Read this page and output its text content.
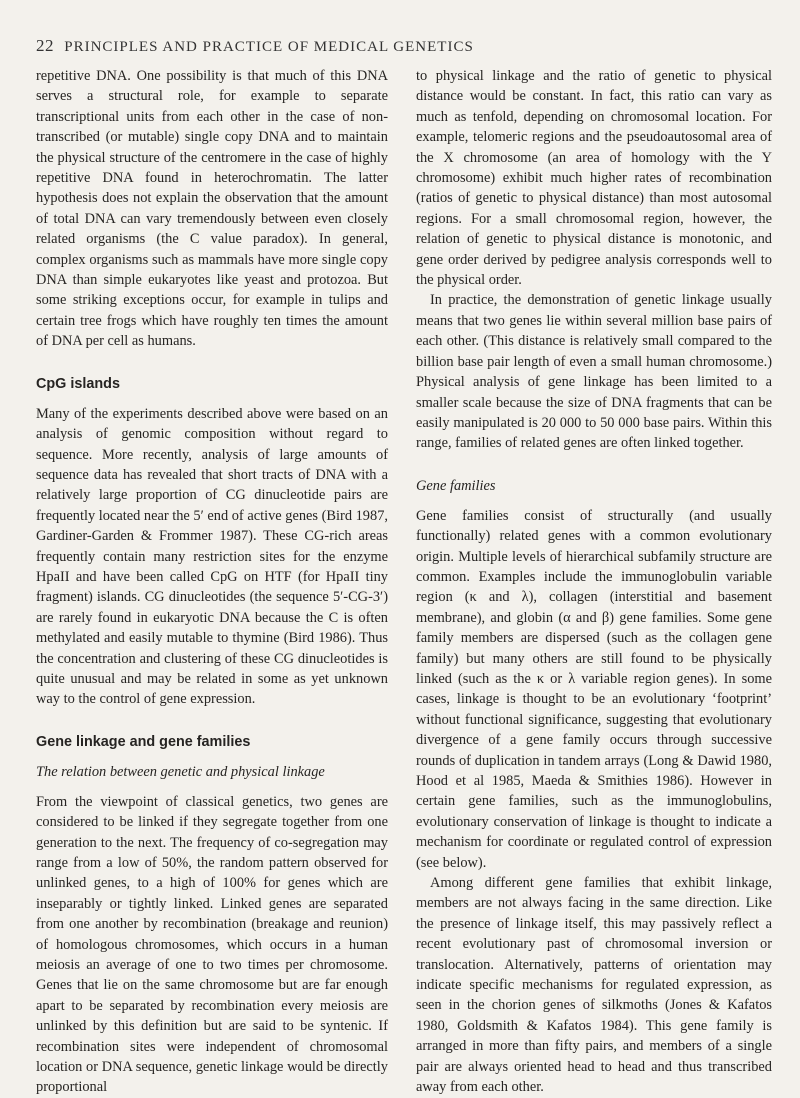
22 PRINCIPLES AND PRACTICE OF MEDICAL GENETICS

repetitive DNA. One possibility is that much of this DNA serves a structural role, for example to separate transcriptional units from each other in the case of non-transcribed (or mutable) single copy DNA and to maintain the physical structure of the centromere in the case of highly repetitive DNA found in heterochromatin. The latter hypothesis does not explain the observation that the amount of total DNA can vary tremendously between even closely related organisms (the C value paradox). In general, complex organisms such as mammals have more single copy DNA than simple eukaryotes like yeast and protozoa. But some striking exceptions occur, for example in tulips and certain tree frogs which have roughly ten times the amount of DNA per cell as humans.

CpG islands

Many of the experiments described above were based on an analysis of genomic composition without regard to sequence. More recently, analysis of large amounts of sequence data has revealed that short tracts of DNA with a relatively large proportion of CG dinucleotide pairs are frequently located near the 5′ end of active genes (Bird 1987, Gardiner-Garden & Frommer 1987). These CG-rich areas frequently contain many restriction sites for the enzyme HpaII and have been called CpG on HTF (for HpaII tiny fragment) islands. CG dinucleotides (the sequence 5′-CG-3′) are rarely found in eukaryotic DNA because the C is often methylated and easily mutable to thymine (Bird 1986). Thus the concentration and clustering of these CG dinucleotides is quite unusual and may be related in some as yet unknown way to the control of gene expression.

Gene linkage and gene families
The relation between genetic and physical linkage

From the viewpoint of classical genetics, two genes are considered to be linked if they segregate together from one generation to the next. The frequency of co-segregation may range from a low of 50%, the random pattern observed for unlinked genes, to a high of 100% for genes which are inseparably or tightly linked. Linked genes are separated from one another by recombination (breakage and reunion) of homologous chromosomes, which occurs in a human meiosis an average of one to two times per chromosome. Genes that lie on the same chromosome but are far enough apart to be separated by recombination every meiosis are unlinked by this definition but are said to be syntenic. If recombination sites were independent of chromosomal location or DNA sequence, genetic linkage would be directly proportional

to physical linkage and the ratio of genetic to physical distance would be constant. In fact, this ratio can vary as much as tenfold, depending on chromosomal location. For example, telomeric regions and the pseudoautosomal area of the X chromosome (an area of homology with the Y chromosome) exhibit much higher rates of recombination (ratios of genetic to physical distance) than most autosomal regions. For a small chromosomal region, however, the relation of genetic to physical distance is monotonic, and gene order derived by pedigree analysis corresponds well to the physical order.

In practice, the demonstration of genetic linkage usually means that two genes lie within several million base pairs of each other. (This distance is relatively small compared to the billion base pair length of even a small human chromosome.) Physical analysis of gene linkage has been limited to a smaller scale because the size of DNA fragments that can be easily manipulated is 20 000 to 50 000 base pairs. Within this range, families of related genes are often linked together.

Gene families

Gene families consist of structurally (and usually functionally) related genes with a common evolutionary origin. Multiple levels of hierarchical subfamily structure are common. Examples include the immunoglobulin variable region (κ and λ), collagen (interstitial and basement membrane), and globin (α and β) gene families. Some gene family members are dispersed (such as the collagen gene family) but many others are still found to be physically linked (such as the κ or λ variable region genes). In some cases, linkage is thought to be an evolutionary ‘footprint’ without functional significance, suggesting that evolutionary divergence of a gene family occurs through successive rounds of duplication in tandem arrays (Long & Dawid 1980, Hood et al 1985, Maeda & Smithies 1986). However in certain gene families, such as the immunoglobulins, evolutionary conservation of linkage is thought to indicate a mechanism for coordinate or regulated control of expression (see below).

Among different gene families that exhibit linkage, members are not always facing in the same direction. Like the presence of linkage itself, this may passively reflect a recent evolutionary past of chromosomal inversion or translocation. Alternatively, patterns of orientation may indicate specific mechanisms for regulated expression, as seen in the chorion genes of silkmoths (Jones & Kafatos 1980, Goldsmith & Kafatos 1984). This gene family is arranged in more than fifty pairs, and members of a single pair are always oriented head to head and thus transcribed away from each other.
